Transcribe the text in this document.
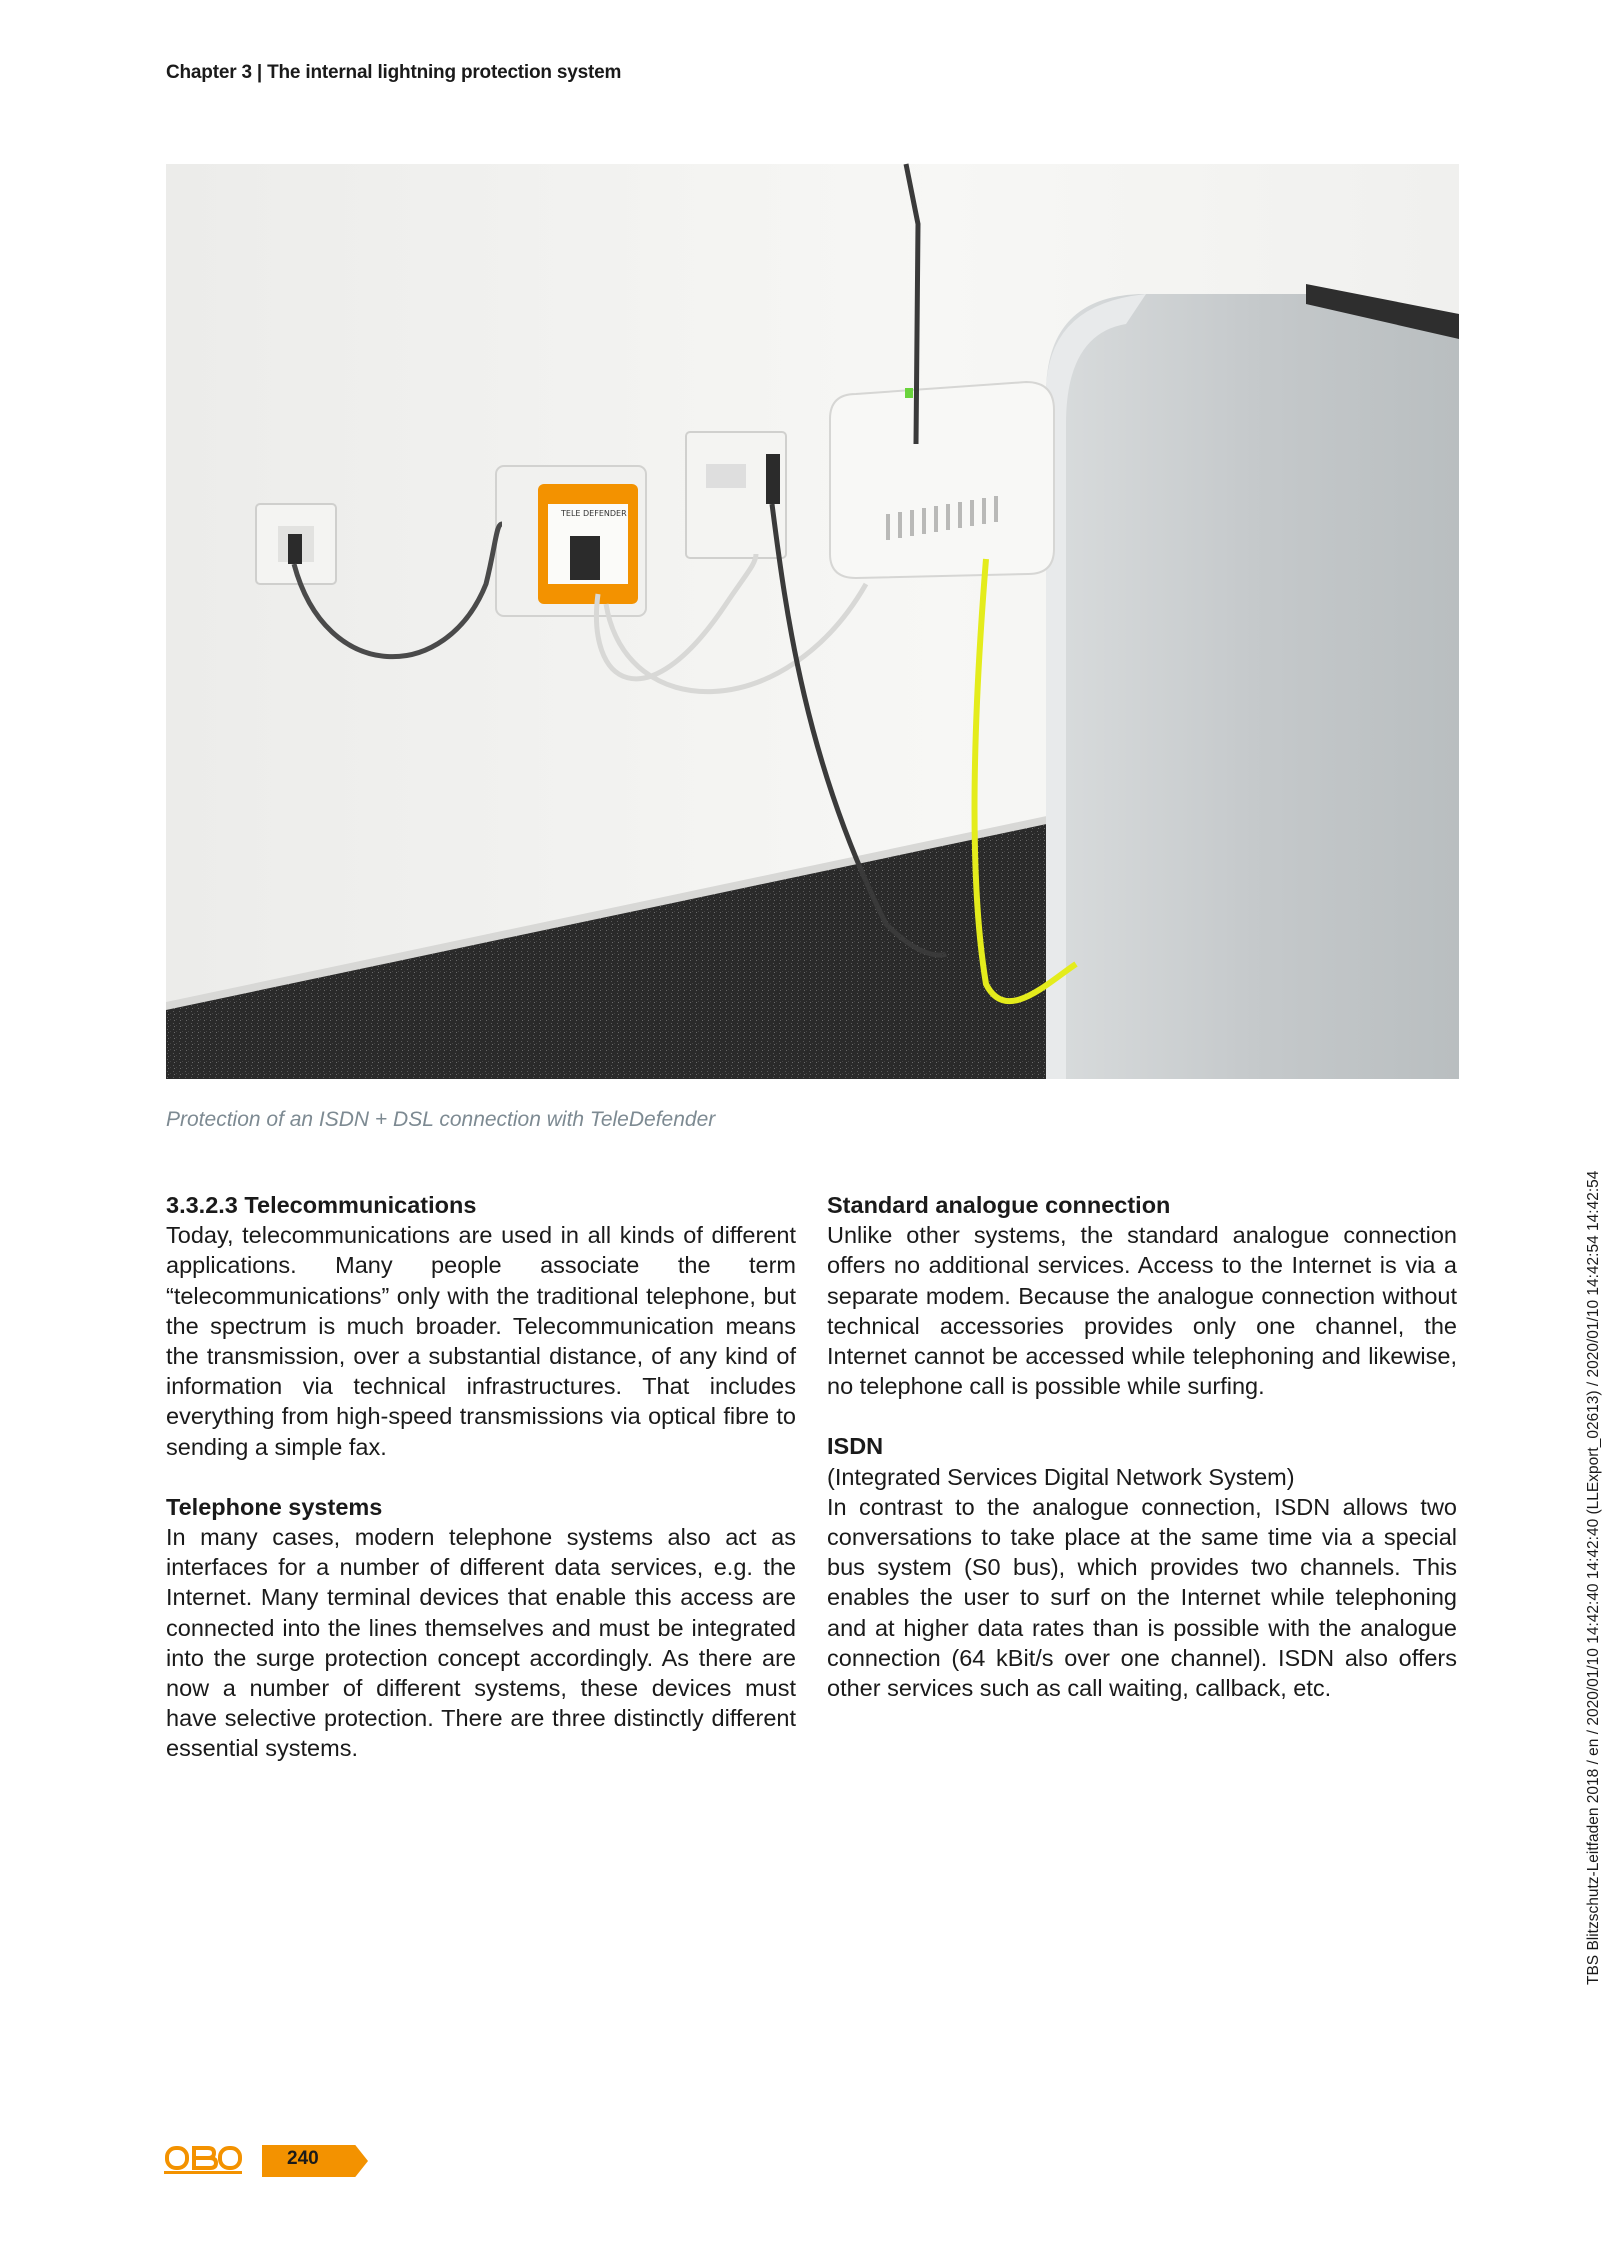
Chapter 3 | The internal lightning protection system
TELE DEFENDER
Protection of an ISDN + DSL connection with TeleDefender
3.3.2.3 Telecommunications

Today, telecommunications are used in all kinds of different applications. Many people associate the term “telecommunications” only with the traditional telephone, but the spectrum is much broader. Telecommunication means the transmission, over a substantial distance, of any kind of information via technical infrastructures. That includes everything from high-speed transmissions via optical fibre to sending a simple fax.

Telephone systems

In many cases, modern telephone systems also act as interfaces for a number of different data services, e.g. the Internet. Many terminal devices that enable this access are connected into the lines themselves and must be integrated into the surge protection concept accordingly. As there are now a number of different systems, these devices must have selective protection. There are three distinctly different essential systems.

Standard analogue connection

Unlike other systems, the standard analogue connection offers no additional services. Access to the Internet is via a separate modem. Because the analogue connection without technical accessories provides only one channel, the Internet cannot be accessed while telephoning and likewise, no telephone call is possible while surfing.

ISDN

(Integrated Services Digital Network System)

In contrast to the analogue connection, ISDN allows two conversations to take place at the same time via a special bus system (S0 bus), which provides two channels. This enables the user to surf on the Internet while telephoning and at higher data rates than is possible with the analogue connection (64 kBit/s over one channel). ISDN also offers other services such as call waiting, callback, etc.	TBS Blitzschutz-Leitfaden 2018 / en / 2020/01/10 14:42:40 14:42:40 (LLExport_02613) / 2020/01/10 14:42:54 14:42:54
240
